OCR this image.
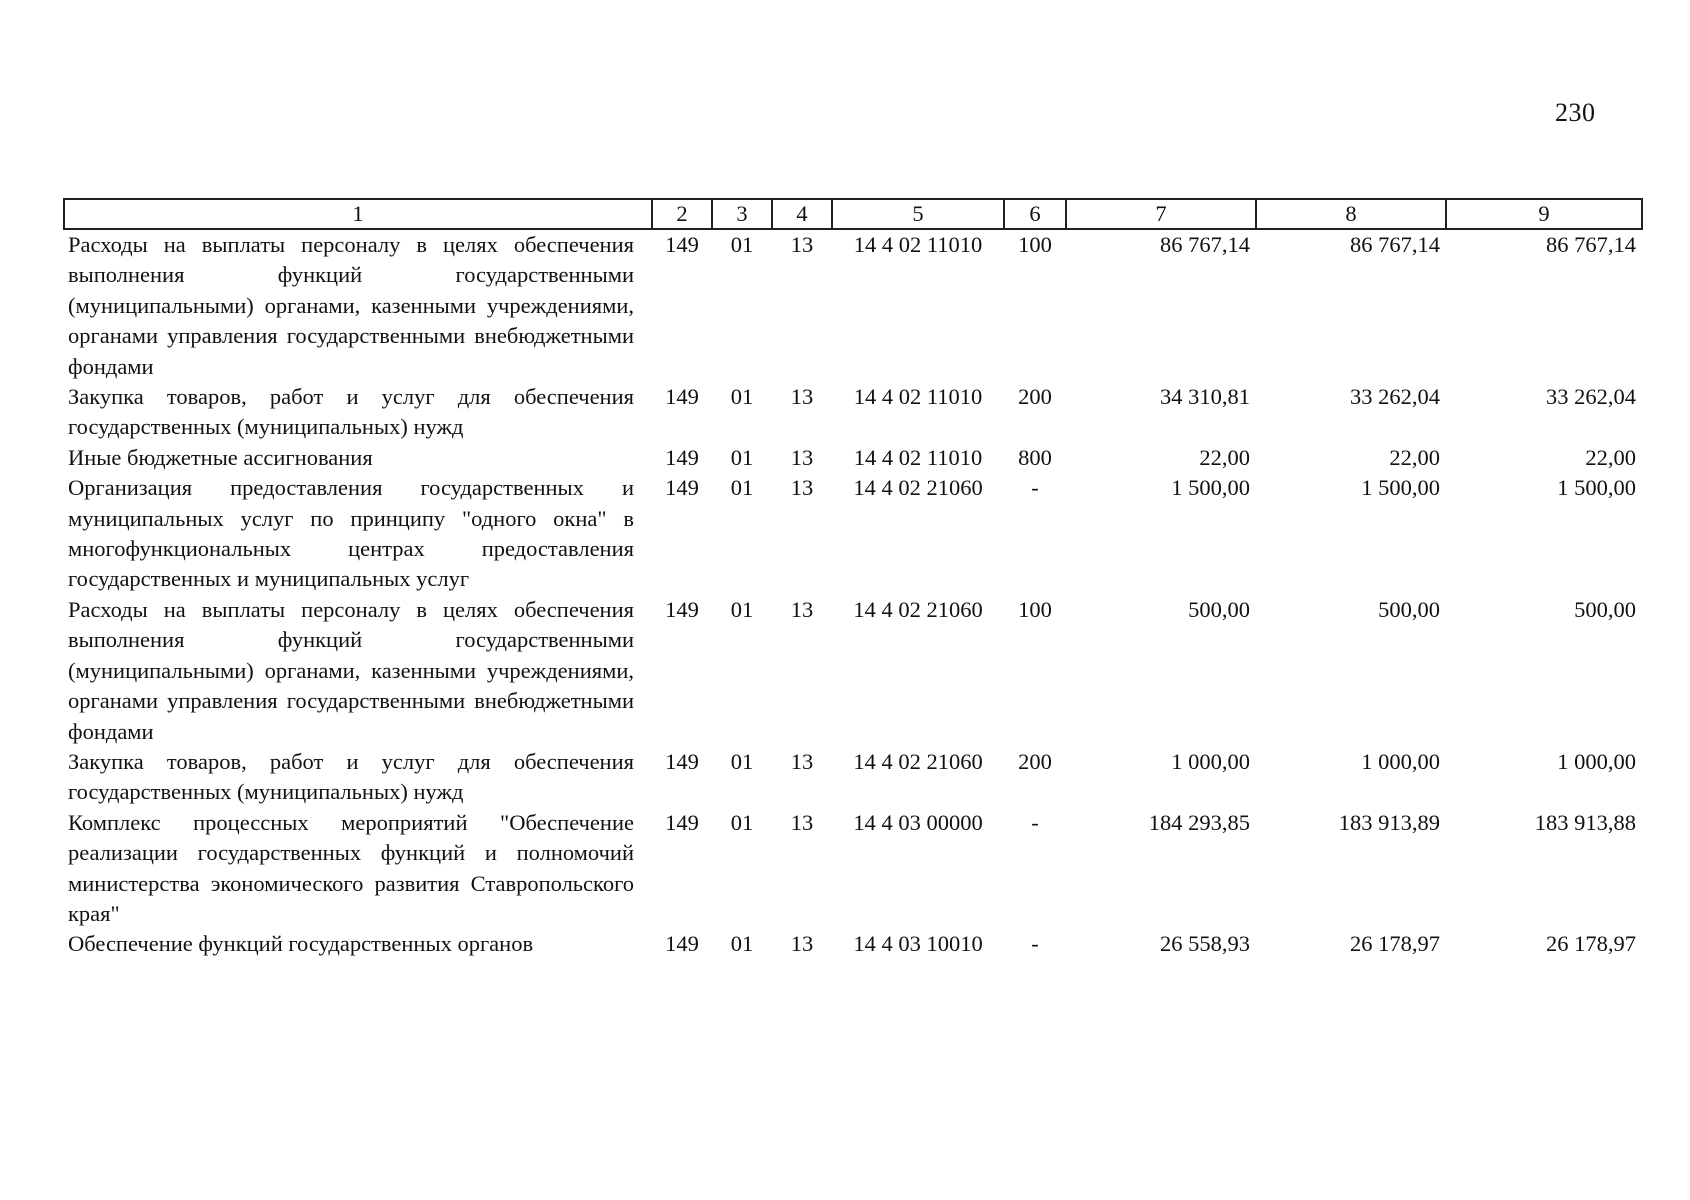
230
1	2	3	4	5	6	7	8	9
Расходы на выплаты персоналу в целях обеспечения выполнения функций государственными (муниципальными) органами, казенными учреждениями, органами управления государственными внебюджетными фондами	149	01	13	14 4 02 11010	100	86 767,14	86 767,14	86 767,14
Закупка товаров, работ и услуг для обеспечения государственных (муниципальных) нужд	149	01	13	14 4 02 11010	200	34 310,81	33 262,04	33 262,04
Иные бюджетные ассигнования	149	01	13	14 4 02 11010	800	22,00	22,00	22,00
Организация предоставления государственных и муниципальных услуг по принципу "одного окна" в многофункциональных центрах предоставления государственных и муниципальных услуг	149	01	13	14 4 02 21060	-	1 500,00	1 500,00	1 500,00
Расходы на выплаты персоналу в целях обеспечения выполнения функций государственными (муниципальными) органами, казенными учреждениями, органами управления государственными внебюджетными фондами	149	01	13	14 4 02 21060	100	500,00	500,00	500,00
Закупка товаров, работ и услуг для обеспечения государственных (муниципальных) нужд	149	01	13	14 4 02 21060	200	1 000,00	1 000,00	1 000,00
Комплекс процессных мероприятий "Обеспечение реализации государственных функций и полномочий министерства экономического развития Ставропольского края"	149	01	13	14 4 03 00000	-	184 293,85	183 913,89	183 913,88
Обеспечение функций государственных органов	149	01	13	14 4 03 10010	-	26 558,93	26 178,97	26 178,97
